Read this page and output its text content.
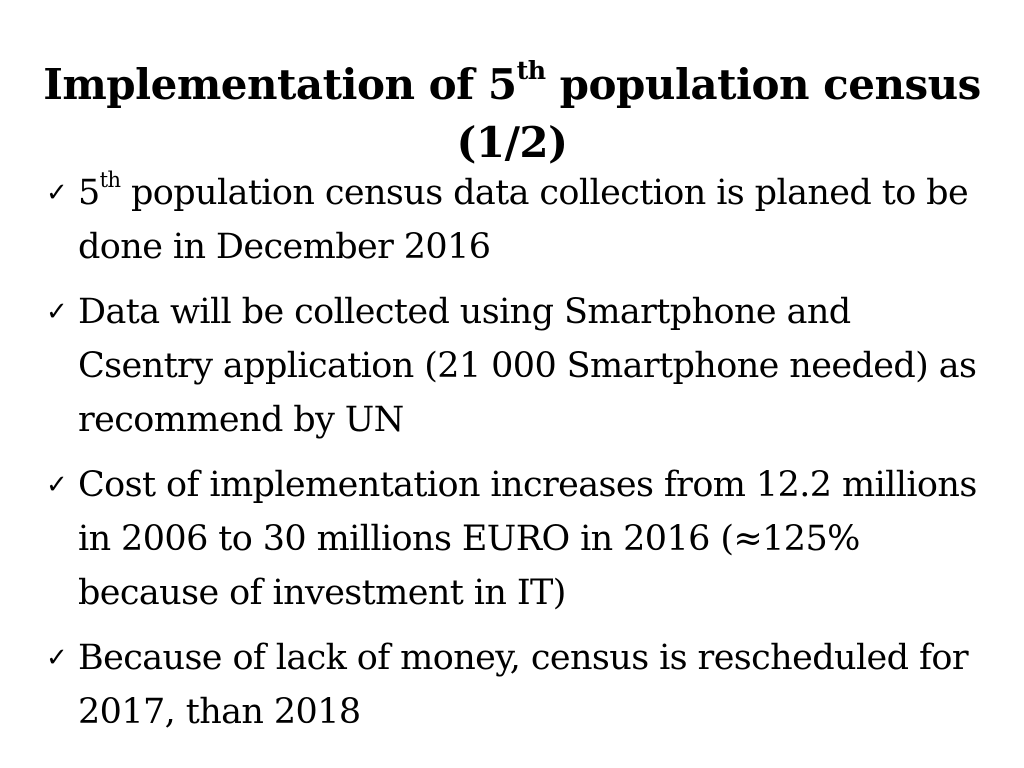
Implementation of 5th population census (1/2)
✓ 5th population census data collection is planed to be done in December 2016
✓ Data will be collected using Smartphone and Csentry application (21 000 Smartphone needed) as recommend by UN
✓ Cost of implementation increases from 12.2 millions in 2006 to 30 millions EURO in 2016 (≈125% because of investment in IT)
✓ Because of lack of money, census is rescheduled for 2017, than 2018
